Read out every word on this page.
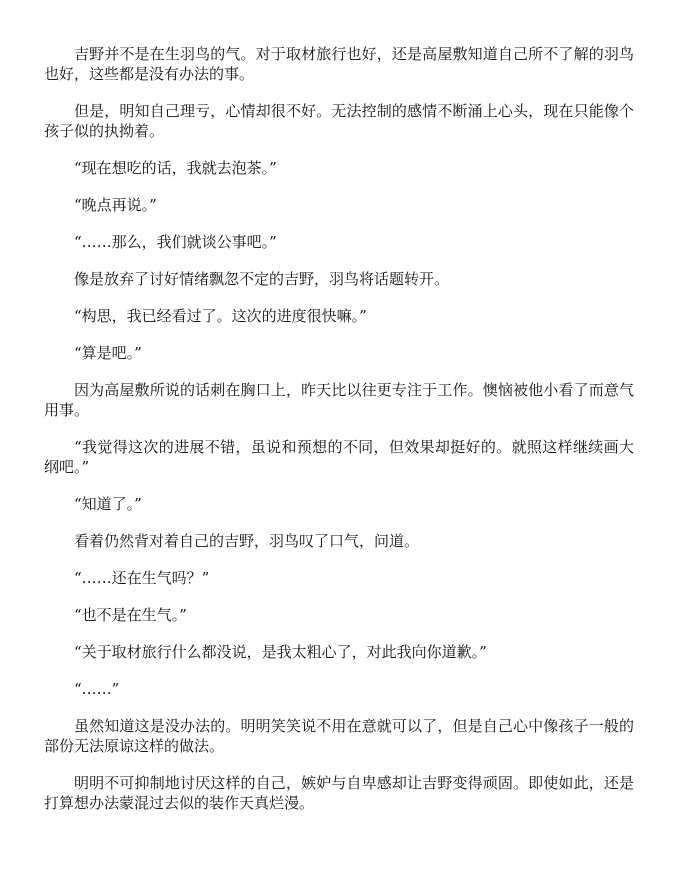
吉野并不是在生羽鸟的气。对于取材旅行也好，还是高屋敷知道自己所不了解的羽鸟也好，这些都是没有办法的事。

但是，明知自己理亏，心情却很不好。无法控制的感情不断涌上心头，现在只能像个孩子似的执拗着。

“现在想吃的话，我就去泡茶。”

“晚点再说。”

“……那么，我们就谈公事吧。”

像是放弃了讨好情绪飘忽不定的吉野，羽鸟将话题转开。

“构思，我已经看过了。这次的进度很快嘛。”

“算是吧。”

因为高屋敷所说的话刺在胸口上，昨天比以往更专注于工作。懊恼被他小看了而意气用事。

“我觉得这次的进展不错，虽说和预想的不同，但效果却挺好的。就照这样继续画大纲吧。”

“知道了。”

看着仍然背对着自己的吉野，羽鸟叹了口气，问道。

“……还在生气吗？”

“也不是在生气。”

“关于取材旅行什么都没说，是我太粗心了，对此我向你道歉。”

“……”

虽然知道这是没办法的。明明笑笑说不用在意就可以了，但是自己心中像孩子一般的部份无法原谅这样的做法。

明明不可抑制地讨厌这样的自己，嫉妒与自卑感却让吉野变得顽固。即使如此，还是打算想办法蒙混过去似的装作天真烂漫。
